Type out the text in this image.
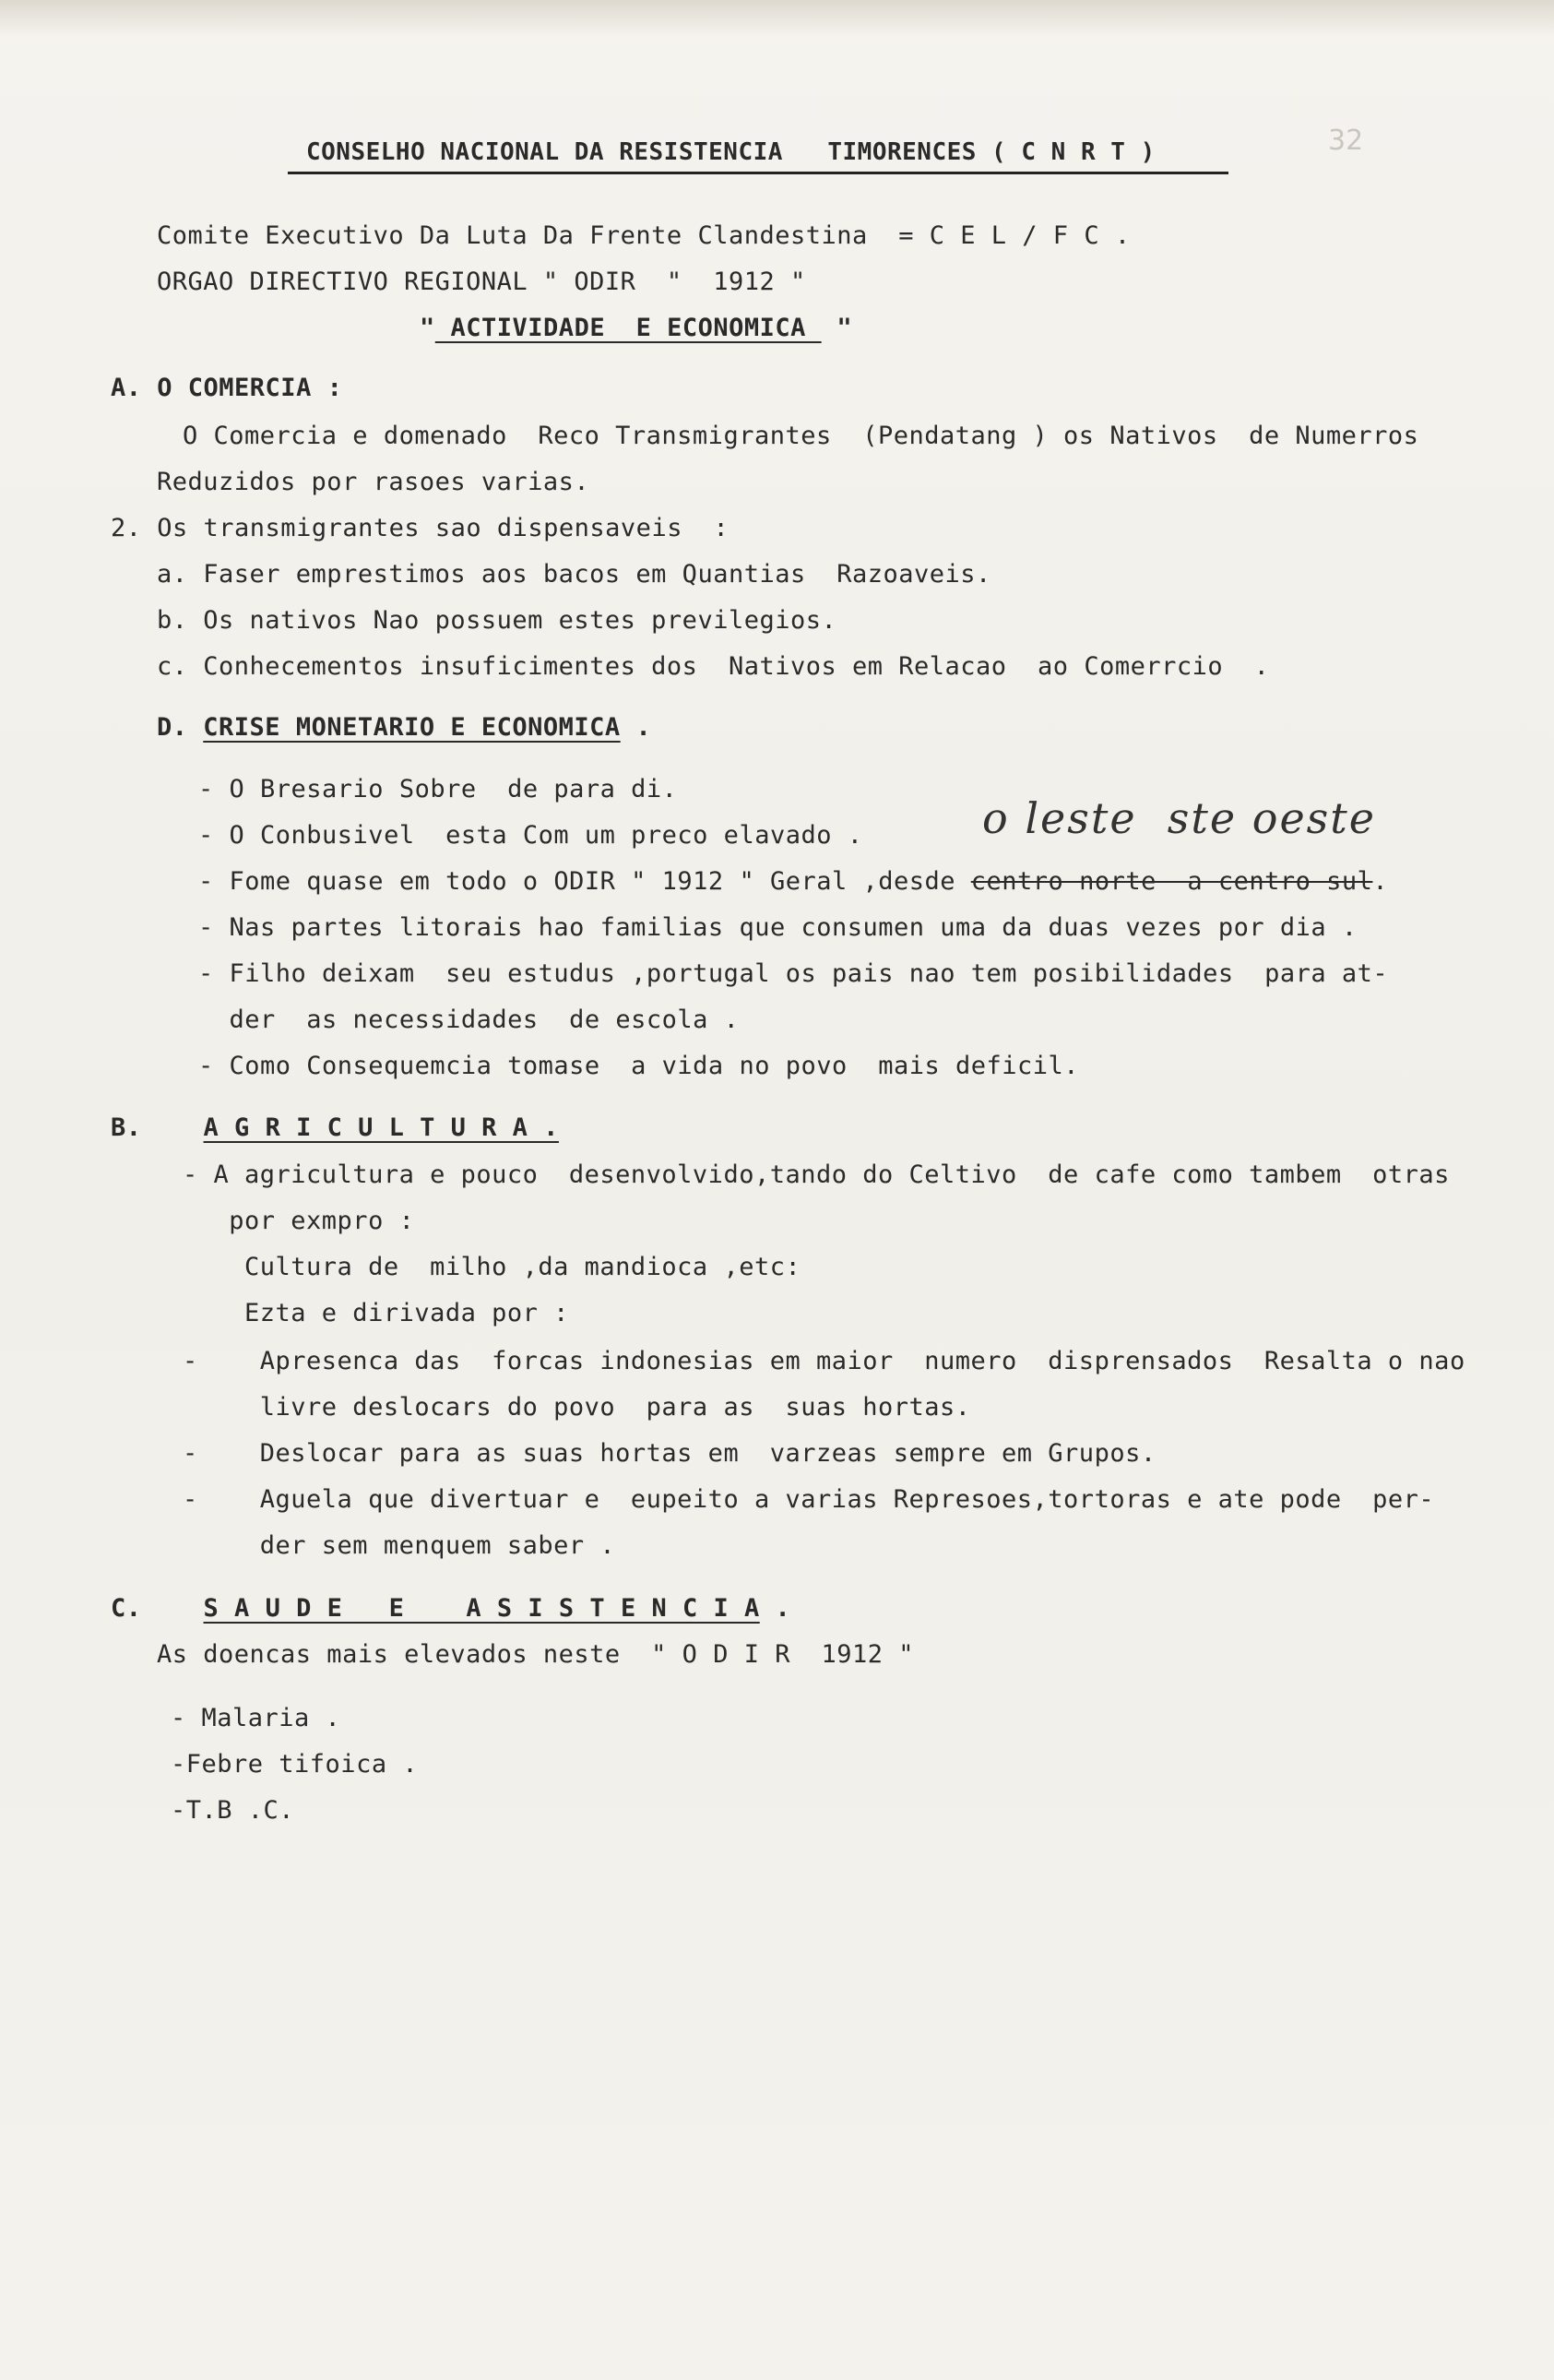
CONSELHO NACIONAL DA RESISTENCIA   TIMORENCES ( C N R T )	32
Comite Executivo Da Luta Da Frente Clandestina  = C E L / F C .
ORGAO DIRECTIVO REGIONAL " ODIR  "  1912 "
" ACTIVIDADE  E ECONOMICA  "
A. O COMERCIA :
O Comercia e domenado  Reco Transmigrantes  (Pendatang ) os Nativos  de Numerros
Reduzidos por rasoes varias.
2. Os transmigrantes sao dispensaveis  :
a. Faser emprestimos aos bacos em Quantias  Razoaveis.
b. Os nativos Nao possuem estes previlegios.
c. Conhecementos insuficimentes dos  Nativos em Relacao  ao Comerrcio  .
D. CRISE MONETARIO E ECONOMICA .
- O Bresario Sobre  de para di.
- O Conbusivel  esta Com um preco elavado .	o leste  ste oeste
- Fome quase em todo o ODIR " 1912 " Geral ,desde centro norte  a centro sul.
- Nas partes litorais hao familias que consumen uma da duas vezes por dia .
- Filho deixam  seu estudus ,portugal os pais nao tem posibilidades  para at-
der  as necessidades  de escola .
- Como Consequemcia tomase  a vida no povo  mais deficil.
B. A G R I C U L T U R A .
- A agricultura e pouco  desenvolvido,tando do Celtivo  de cafe como tambem  otras
por exmpro :
Cultura de  milho ,da mandioca ,etc:
Ezta e dirivada por :
-    Apresenca das  forcas indonesias em maior  numero  disprensados  Resalta o nao
livre deslocars do povo  para as  suas hortas.
-    Deslocar para as suas hortas em  varzeas sempre em Grupos.
-    Aguela que divertuar e  eupeito a varias Represoes,tortoras e ate pode  per-
der sem menquem saber .
C. S A U D E   E    A S I S T E N C I A .
As doencas mais elevados neste  " O D I R  1912 "
- Malaria .
-Febre tifoica .
-T.B .C.
